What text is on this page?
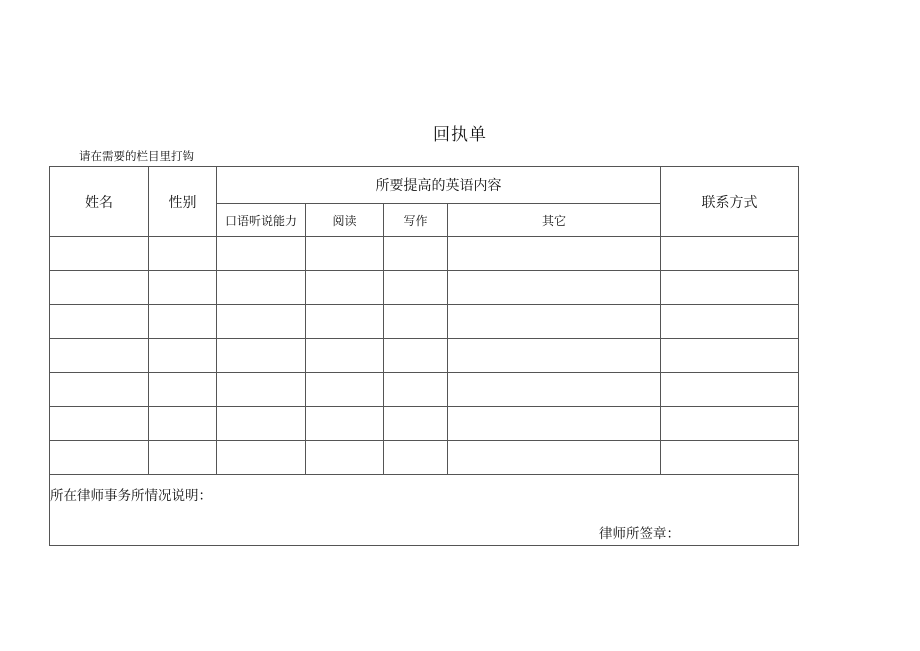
回执单
请在需要的栏目里打钩
姓名	性别	所要提高的英语内容				联系方式
		口语听说能力	阅读	写作	其它	

所在律师事务所情况说明：
律师所签章：						
